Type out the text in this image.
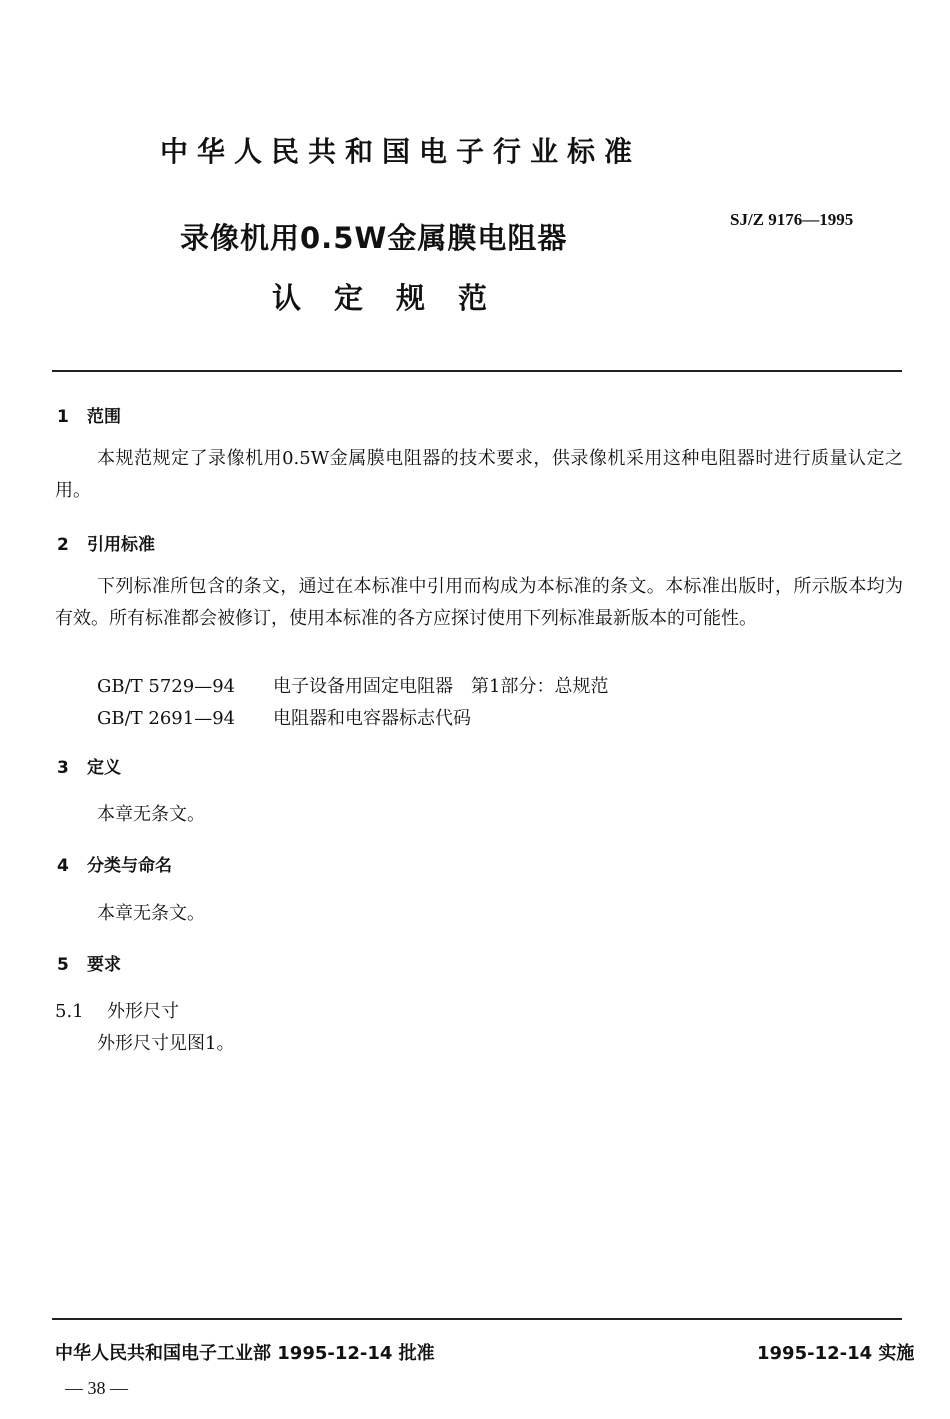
中华人民共和国电子行业标准
录像机用0.5W金属膜电阻器
SJ/Z 9176—1995
认定规范
1 范围
本规范规定了录像机用0.5W金属膜电阻器的技术要求，供录像机采用这种电阻器时进行质量认定之用。
2 引用标准
下列标准所包含的条文，通过在本标准中引用而构成为本标准的条文。本标准出版时，所示版本均为有效。所有标准都会被修订，使用本标准的各方应探讨使用下列标准最新版本的可能性。
GB/T 5729—94 电子设备用固定电阻器　第1部分：总规范
GB/T 2691—94 电阻器和电容器标志代码
3 定义
本章无条文。
4 分类与命名
本章无条文。
5 要求
5.1 外形尺寸
外形尺寸见图1。
中华人民共和国电子工业部 1995-12-14 批准	1995-12-14 实施
— 38 —
